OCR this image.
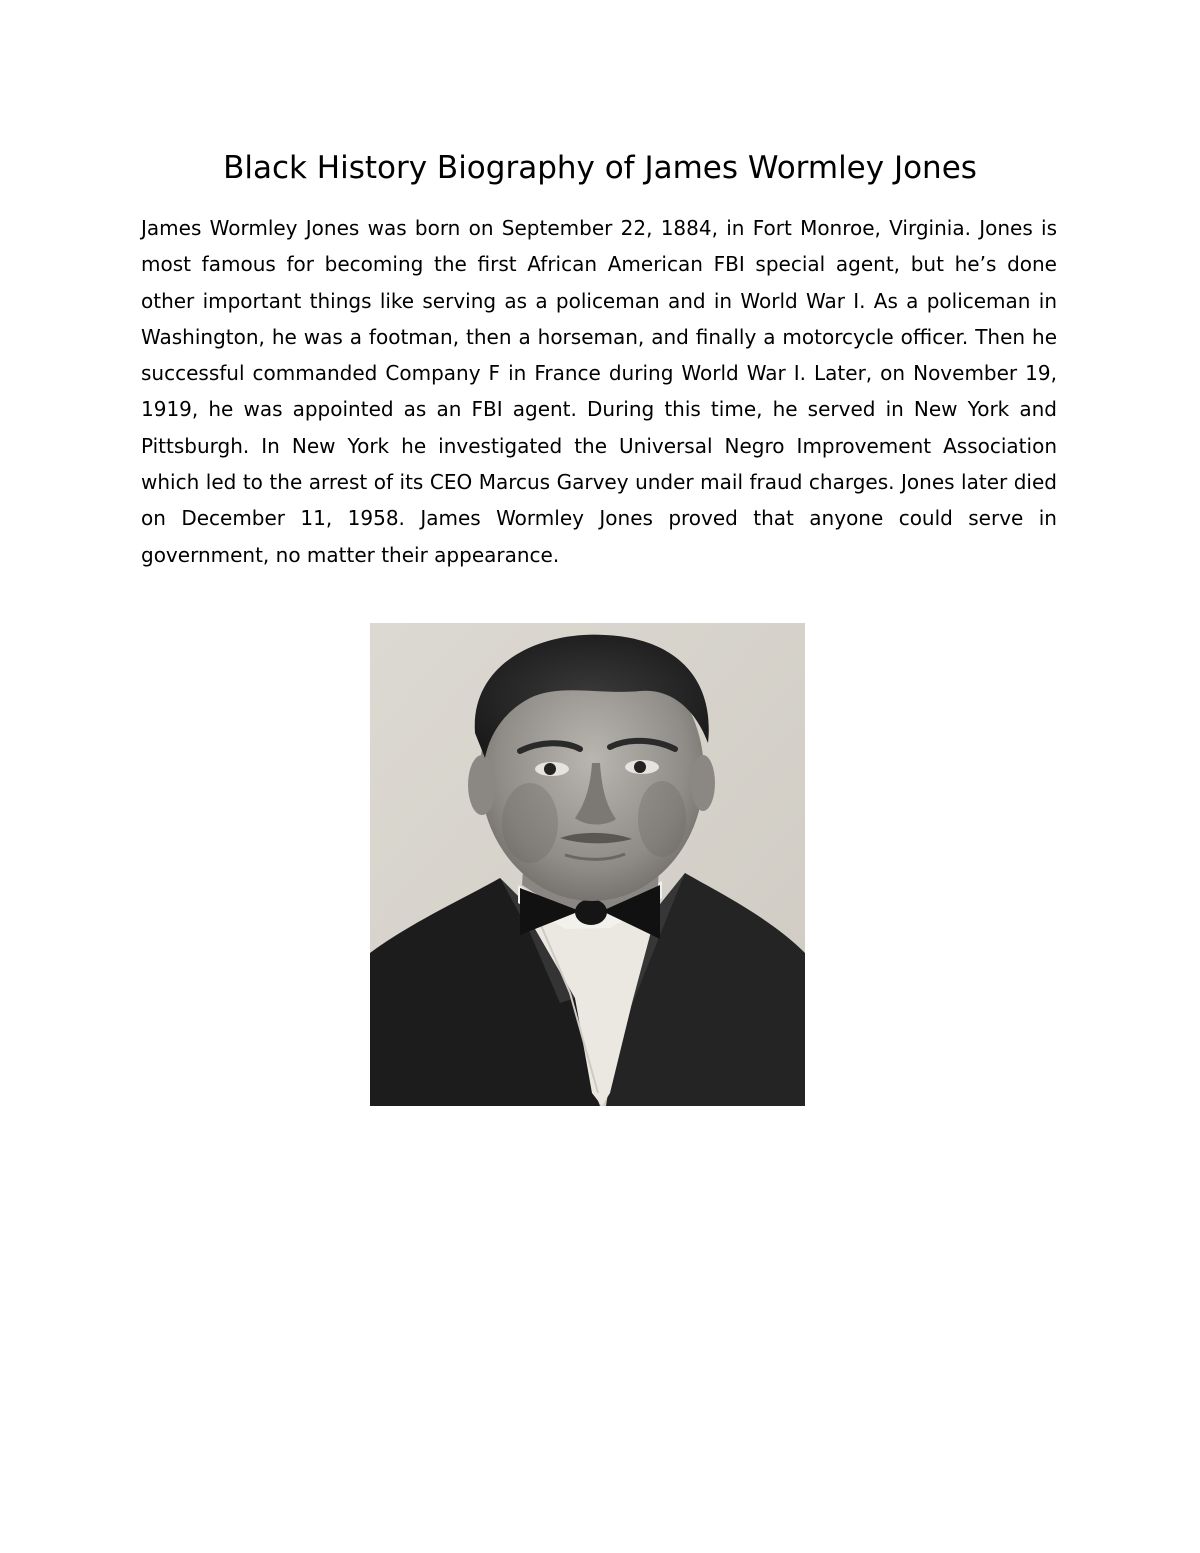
Black History Biography of James Wormley Jones

James Wormley Jones was born on September 22, 1884, in Fort Monroe, Virginia. Jones is most famous for becoming the first African American FBI special agent, but he’s done other important things like serving as a policeman and in World War I. As a policeman in Washington, he was a footman, then a horseman, and finally a motorcycle officer. Then he successful commanded Company F in France during World War I. Later, on November 19, 1919, he was appointed as an FBI agent. During this time, he served in New York and Pittsburgh. In New York he investigated the Universal Negro Improvement Association which led to the arrest of its CEO Marcus Garvey under mail fraud charges. Jones later died on December 11, 1958. James Wormley Jones proved that anyone could serve in government, no matter their appearance.
